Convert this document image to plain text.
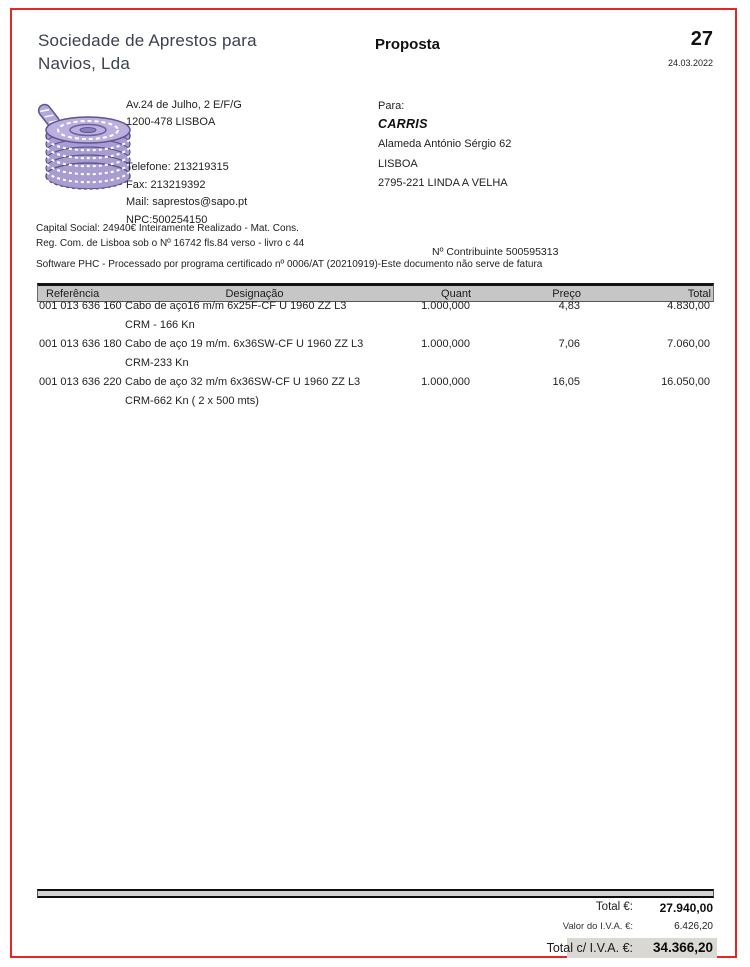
Sociedade de Aprestos para
Navios, Lda
Proposta	27
24.03.2022
Av.24 de Julho, 2 E/F/G
1200-478 LISBOA
Telefone: 213219315
Fax: 213219392
Mail: saprestos@sapo.pt
NPC:500254150
Para:
CARRIS
Alameda António Sérgio 62
LISBOA
2795-221 LINDA A VELHA
Nº Contribuinte 500595313
Capital Social: 24940€ Inteiramente Realizado - Mat. Cons.
Reg. Com. de Lisboa sob o Nº 16742 fls.84 verso - livro c 44
Software PHC - Processado por programa certificado nº 0006/AT (20210919)-Este documento não serve de fatura
Referência	Designação	Quant	Preço	Total
001 013 636 160 Cabo de aço16 m/m 6x25F-CF U 1960 ZZ L3
CRM - 166 Kn
1.000,000	4,83	4.830,00
001 013 636 180 Cabo de aço 19 m/m. 6x36SW-CF U 1960 ZZ L3
CRM-233 Kn
1.000,000	7,06	7.060,00
001 013 636 220 Cabo de aço 32 m/m 6x36SW-CF U 1960 ZZ L3
CRM-662 Kn ( 2 x 500 mts)
1.000,000	16,05	16.050,00
Total €: 27.940,00
Valor do I.V.A. €:	6.426,20
Total c/ I.V.A. €: 34.366,20
